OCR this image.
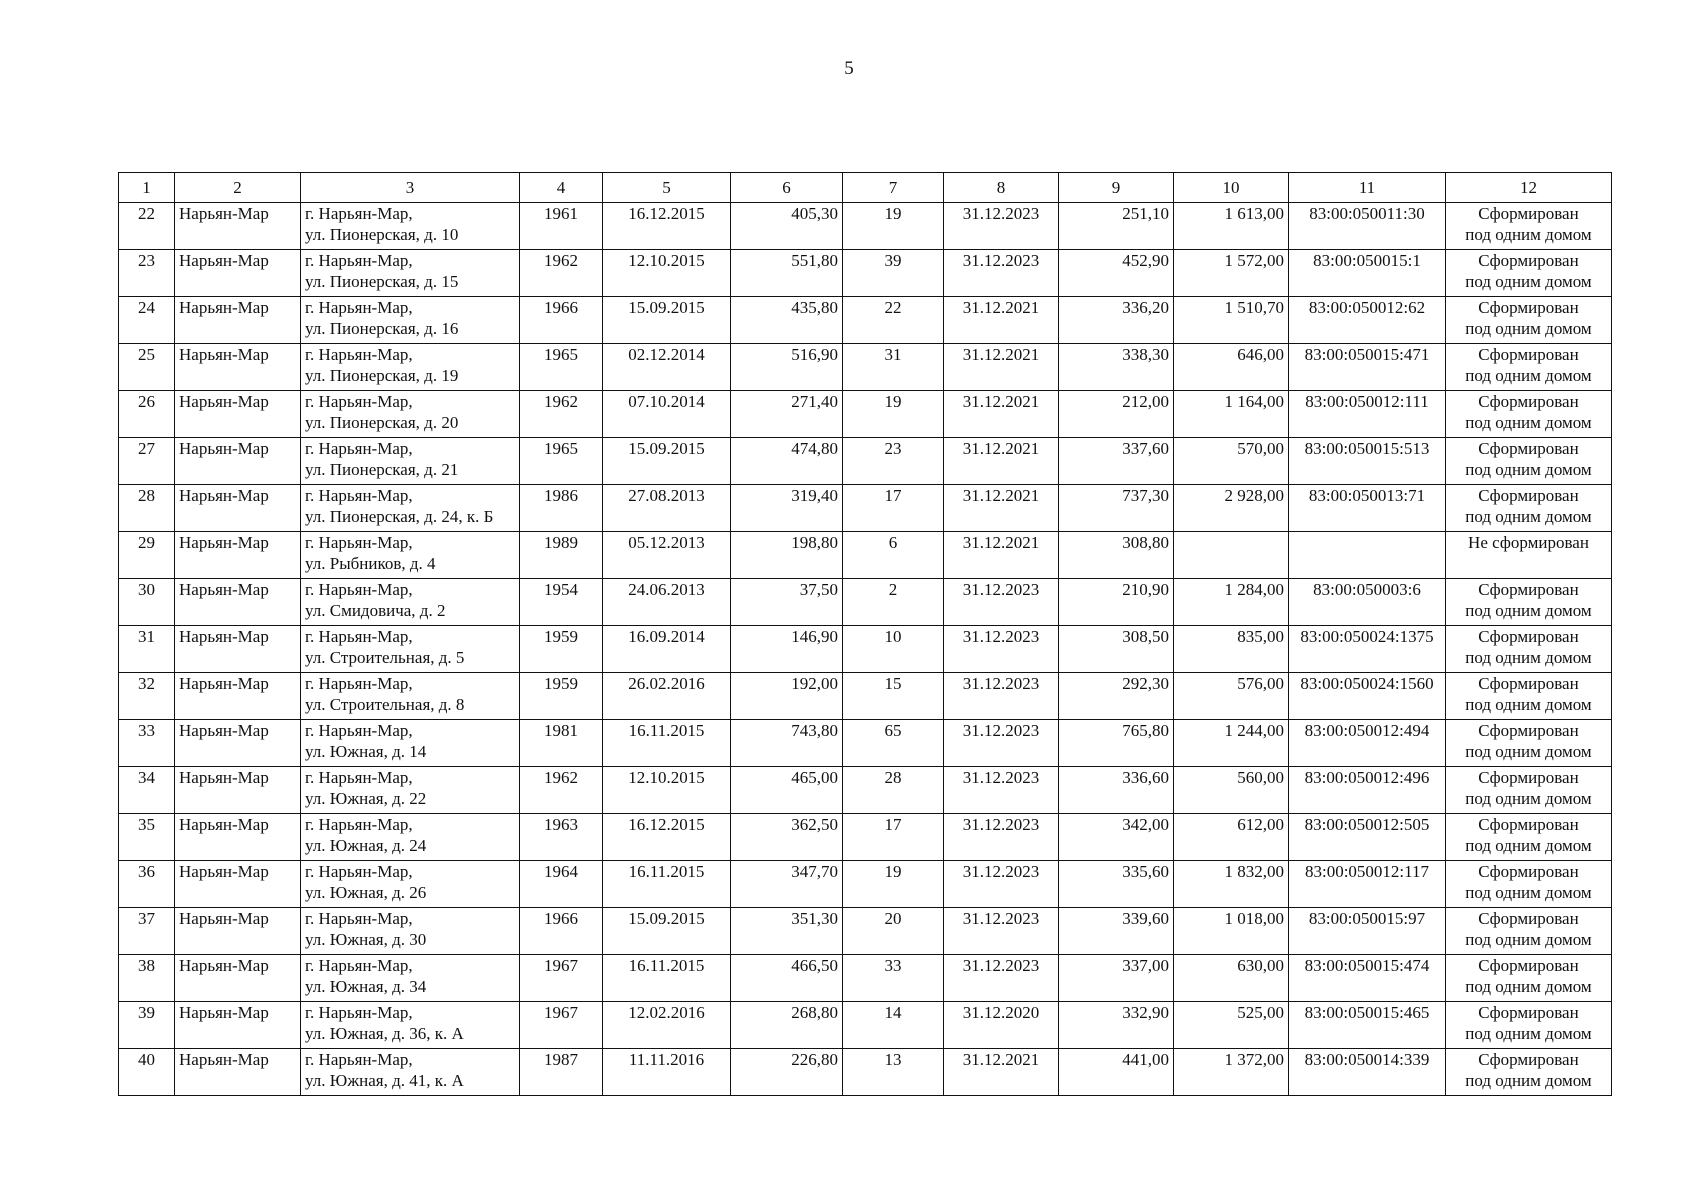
5
1	2	3	4	5	6	7	8	9	10	11	12
22	Нарьян-Мар	г. Нарьян-Мар,
ул. Пионерская, д. 10	1961	16.12.2015	405,30	19	31.12.2023	251,10	1 613,00	83:00:050011:30	Сформирован
под одним домом

23	Нарьян-Мар	г. Нарьян-Мар,
ул. Пионерская, д. 15	1962	12.10.2015	551,80	39	31.12.2023	452,90	1 572,00	83:00:050015:1	Сформирован
под одним домом

24	Нарьян-Мар	г. Нарьян-Мар,
ул. Пионерская, д. 16	1966	15.09.2015	435,80	22	31.12.2021	336,20	1 510,70	83:00:050012:62	Сформирован
под одним домом

25	Нарьян-Мар	г. Нарьян-Мар,
ул. Пионерская, д. 19	1965	02.12.2014	516,90	31	31.12.2021	338,30	646,00	83:00:050015:471	Сформирован
под одним домом

26	Нарьян-Мар	г. Нарьян-Мар,
ул. Пионерская, д. 20	1962	07.10.2014	271,40	19	31.12.2021	212,00	1 164,00	83:00:050012:111	Сформирован
под одним домом

27	Нарьян-Мар	г. Нарьян-Мар,
ул. Пионерская, д. 21	1965	15.09.2015	474,80	23	31.12.2021	337,60	570,00	83:00:050015:513	Сформирован
под одним домом

28	Нарьян-Мар	г. Нарьян-Мар,
ул. Пионерская, д. 24, к. Б	1986	27.08.2013	319,40	17	31.12.2021	737,30	2 928,00	83:00:050013:71	Сформирован
под одним домом

29	Нарьян-Мар	г. Нарьян-Мар,
ул. Рыбников, д. 4	1989	05.12.2013	198,80	6	31.12.2021	308,80			Не сформирован

30	Нарьян-Мар	г. Нарьян-Мар,
ул. Смидовича, д. 2	1954	24.06.2013	37,50	2	31.12.2023	210,90	1 284,00	83:00:050003:6	Сформирован
под одним домом

31	Нарьян-Мар	г. Нарьян-Мар,
ул. Строительная, д. 5	1959	16.09.2014	146,90	10	31.12.2023	308,50	835,00	83:00:050024:1375	Сформирован
под одним домом

32	Нарьян-Мар	г. Нарьян-Мар,
ул. Строительная, д. 8	1959	26.02.2016	192,00	15	31.12.2023	292,30	576,00	83:00:050024:1560	Сформирован
под одним домом

33	Нарьян-Мар	г. Нарьян-Мар,
ул. Южная, д. 14	1981	16.11.2015	743,80	65	31.12.2023	765,80	1 244,00	83:00:050012:494	Сформирован
под одним домом

34	Нарьян-Мар	г. Нарьян-Мар,
ул. Южная, д. 22	1962	12.10.2015	465,00	28	31.12.2023	336,60	560,00	83:00:050012:496	Сформирован
под одним домом

35	Нарьян-Мар	г. Нарьян-Мар,
ул. Южная, д. 24	1963	16.12.2015	362,50	17	31.12.2023	342,00	612,00	83:00:050012:505	Сформирован
под одним домом

36	Нарьян-Мар	г. Нарьян-Мар,
ул. Южная, д. 26	1964	16.11.2015	347,70	19	31.12.2023	335,60	1 832,00	83:00:050012:117	Сформирован
под одним домом

37	Нарьян-Мар	г. Нарьян-Мар,
ул. Южная, д. 30	1966	15.09.2015	351,30	20	31.12.2023	339,60	1 018,00	83:00:050015:97	Сформирован
под одним домом

38	Нарьян-Мар	г. Нарьян-Мар,
ул. Южная, д. 34	1967	16.11.2015	466,50	33	31.12.2023	337,00	630,00	83:00:050015:474	Сформирован
под одним домом

39	Нарьян-Мар	г. Нарьян-Мар,
ул. Южная, д. 36, к. А	1967	12.02.2016	268,80	14	31.12.2020	332,90	525,00	83:00:050015:465	Сформирован
под одним домом

40	Нарьян-Мар	г. Нарьян-Мар,
ул. Южная, д. 41, к. А	1987	11.11.2016	226,80	13	31.12.2021	441,00	1 372,00	83:00:050014:339	Сформирован
под одним домом
